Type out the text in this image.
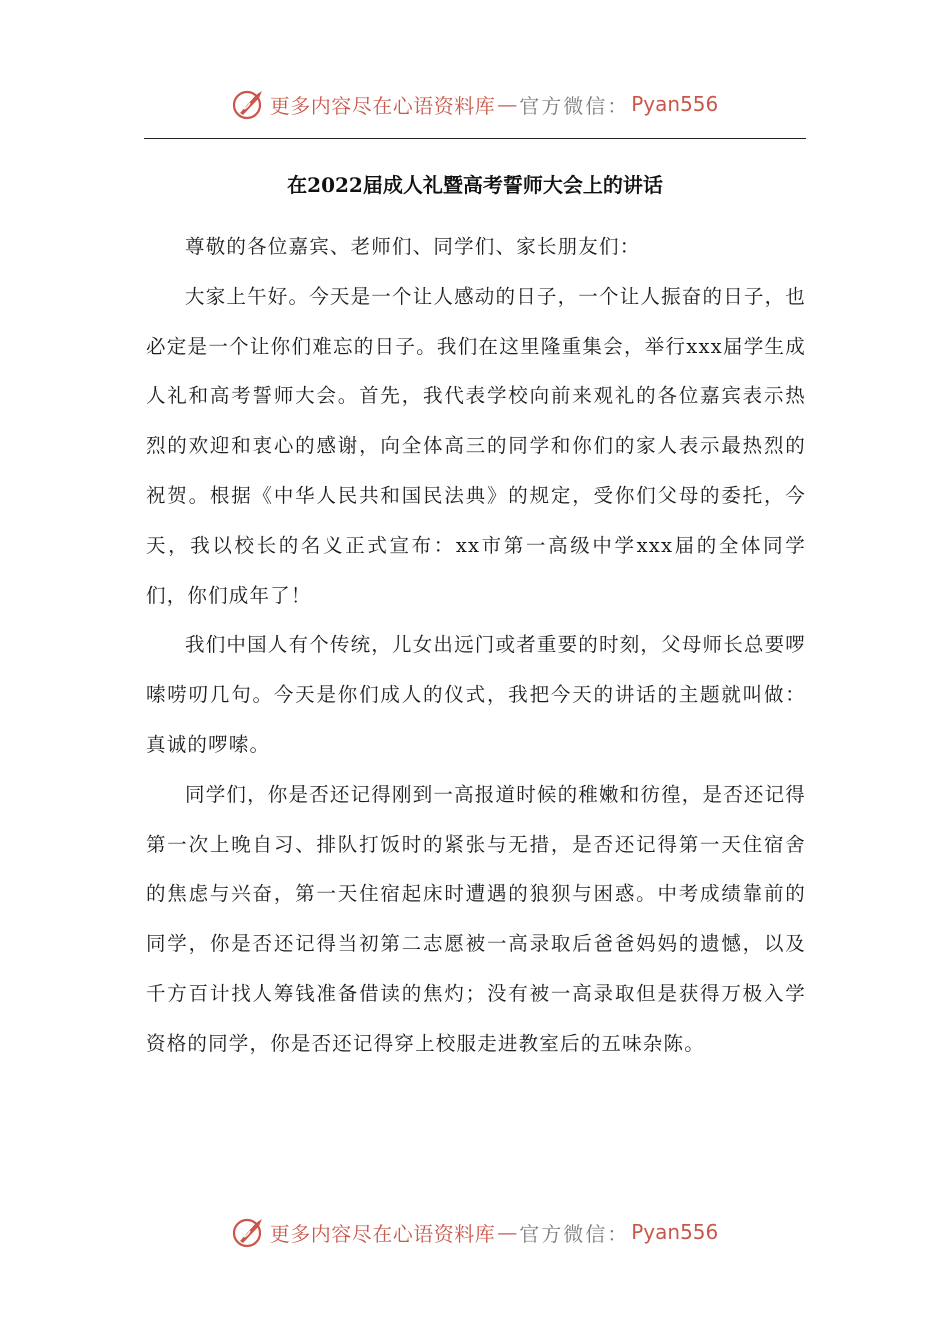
更多内容尽在心语资料库 — 官方微信： Pyan556
在2022届成人礼暨高考誓师大会上的讲话

尊敬的各位嘉宾、老师们、同学们、家长朋友们：

大家上午好。今天是一个让人感动的日子，一个让人振奋的日子，也必定是一个让你们难忘的日子。我们在这里隆重集会，举行xxx届学生成人礼和高考誓师大会。首先，我代表学校向前来观礼的各位嘉宾表示热烈的欢迎和衷心的感谢，向全体高三的同学和你们的家人表示最热烈的祝贺。根据《中华人民共和国民法典》的规定，受你们父母的委托，今天，我以校长的名义正式宣布：xx市第一高级中学xxx届的全体同学们，你们成年了！

我们中国人有个传统，儿女出远门或者重要的时刻，父母师长总要啰嗦唠叨几句。今天是你们成人的仪式，我把今天的讲话的主题就叫做：真诚的啰嗦。

同学们，你是否还记得刚到一高报道时候的稚嫩和彷徨，是否还记得第一次上晚自习、排队打饭时的紧张与无措，是否还记得第一天住宿舍的焦虑与兴奋，第一天住宿起床时遭遇的狼狈与困惑。中考成绩靠前的同学，你是否还记得当初第二志愿被一高录取后爸爸妈妈的遗憾，以及千方百计找人筹钱准备借读的焦灼；没有被一高录取但是获得万极入学资格的同学，你是否还记得穿上校服走进教室后的五味杂陈。

更多内容尽在心语资料库 — 官方微信： Pyan556
